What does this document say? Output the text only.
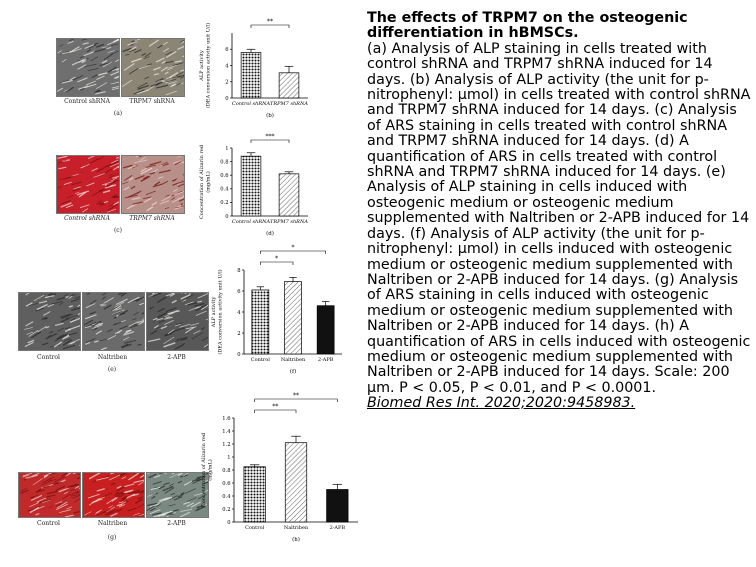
Control shRNA	TRPM7 shRNA
(a)
Control shRNA	TRPM7 shRNA
(c)
Control	Naltriben	2-APB
(e)
Control	Naltriben	2-APB
(g)
0
2
4
6
ALP activity (DEA conversion activity unit U/l)	Control shRNA TRPM7 shRNA
**
(b)
0
0.2
0.4
0.6
0.8
1
Concentration of Alizarin red (mg/mL)
Control shRNA TRPM7 shRNA
***
(d)
0
2
4
6
8
ALP activity (DEA conversion activity unit U/l)
Control Naltriben	2-APB
*
*
(f)
0
0.2
0.4
0.6
0.8
1
1.2
1.4
1.6
Concentration of Alizarin red (mg/mL)
Control	Naltriben	2-APB
**
**
(h)

The effects of TRPM7 on the osteogenic differentiation in hBMSCs.

(a) Analysis of ALP staining in cells treated with control shRNA and TRPM7 shRNA induced for 14 days. (b) Analysis of ALP activity (the unit for p-nitrophenyl: μmol) in cells treated with control shRNA and TRPM7 shRNA induced for 14 days. (c) Analysis of ARS staining in cells treated with control shRNA and TRPM7 shRNA induced for 14 days. (d) A quantification of ARS in cells treated with control shRNA and TRPM7 shRNA induced for 14 days. (e) Analysis of ALP staining in cells induced with osteogenic medium or osteogenic medium supplemented with Naltriben or 2-APB induced for 14 days. (f) Analysis of ALP activity (the unit for p-nitrophenyl: μmol) in cells induced with osteogenic medium or osteogenic medium supplemented with Naltriben or 2-APB induced for 14 days. (g) Analysis of ARS staining in cells induced with osteogenic medium or osteogenic medium supplemented with Naltriben or 2-APB induced for 14 days. (h) A quantification of ARS in cells induced with osteogenic medium or osteogenic medium supplemented with Naltriben or 2-APB induced for 14 days. Scale: 200 μm. P < 0.05, P < 0.01, and P < 0.0001.

Biomed Res Int. 2020;2020:9458983.
